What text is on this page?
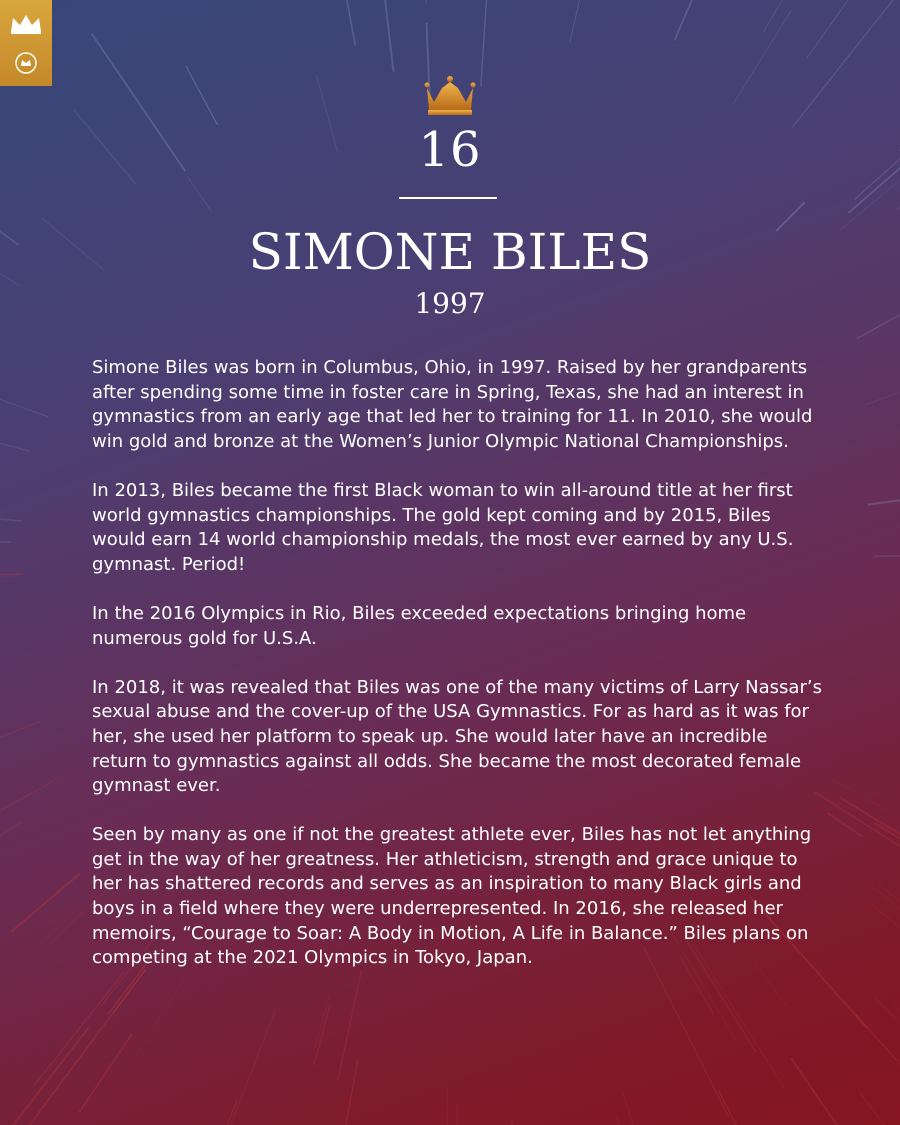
16
SIMONE BILES
1997

Simone Biles was born in Columbus, Ohio, in 1997. Raised by her grandparents after spending some time in foster care in Spring, Texas, she had an interest in gymnastics from an early age that led her to training for 11. In 2010, she would win gold and bronze at the Women’s Junior Olympic National Championships.

In 2013, Biles became the first Black woman to win all-around title at her first world gymnastics championships. The gold kept coming and by 2015, Biles would earn 14 world championship medals, the most ever earned by any U.S. gymnast. Period!

In the 2016 Olympics in Rio, Biles exceeded expectations bringing home numerous gold for U.S.A.

In 2018, it was revealed that Biles was one of the many victims of Larry Nassar’s sexual abuse and the cover-up of the USA Gymnastics. For as hard as it was for her, she used her platform to speak up. She would later have an incredible return to gymnastics against all odds. She became the most decorated female gymnast ever.

Seen by many as one if not the greatest athlete ever, Biles has not let anything get in the way of her greatness. Her athleticism, strength and grace unique to her has shattered records and serves as an inspiration to many Black girls and boys in a field where they were underrepresented. In 2016, she released her memoirs, “Courage to Soar: A Body in Motion, A Life in Balance.” Biles plans on competing at the 2021 Olympics in Tokyo, Japan.
